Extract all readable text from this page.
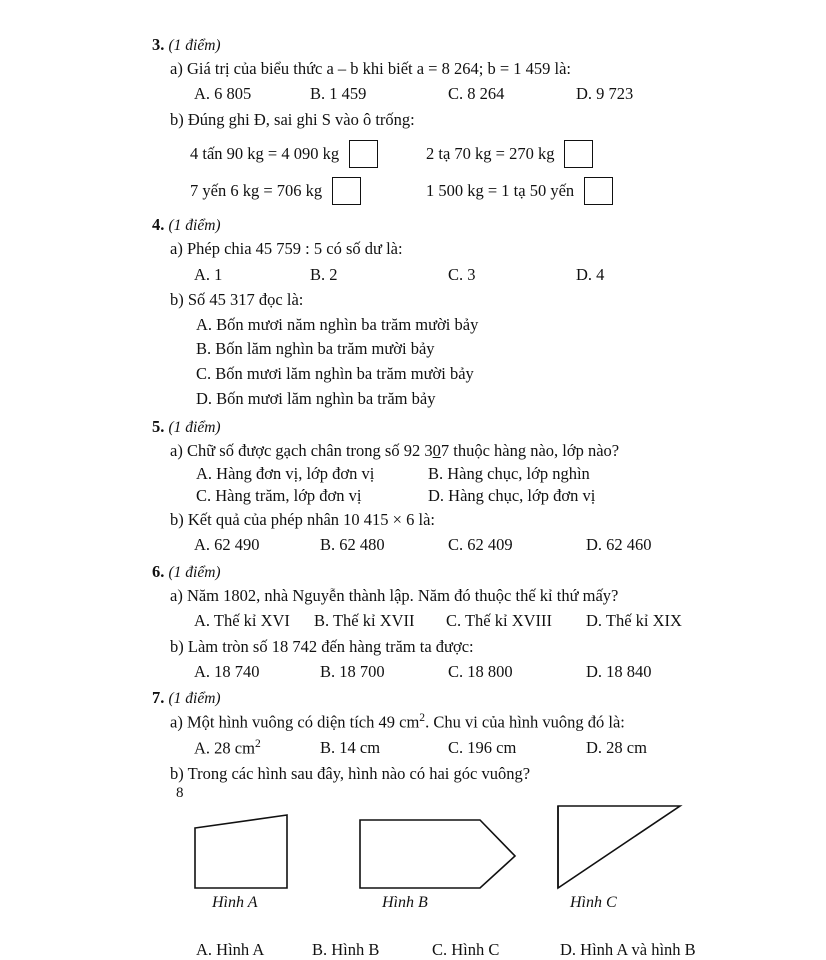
3. (1 điểm)
a) Giá trị của biểu thức a – b khi biết a = 8 264; b = 1 459 là:
A. 6 805	B. 1 459	C. 8 264	D. 9 723
b) Đúng ghi Đ, sai ghi S vào ô trống:
4 tấn 90 kg = 4 090 kg	2 tạ 70 kg = 270 kg
7 yến 6 kg = 706 kg	1 500 kg = 1 tạ 50 yến
4. (1 điểm)
a) Phép chia 45 759 : 5 có số dư là:
A. 1	B. 2	C. 3	D. 4
b) Số 45 317 đọc là:
A. Bốn mươi năm nghìn ba trăm mười bảy
B. Bốn lăm nghìn ba trăm mười bảy
C. Bốn mươi lăm nghìn ba trăm mười bảy
D. Bốn mươi lăm nghìn ba trăm bảy
5. (1 điểm)
a) Chữ số được gạch chân trong số 92 307 thuộc hàng nào, lớp nào?
A. Hàng đơn vị, lớp đơn vị	B. Hàng chục, lớp nghìn
C. Hàng trăm, lớp đơn vị	D. Hàng chục, lớp đơn vị
b) Kết quả của phép nhân 10 415 × 6 là:
A. 62 490	B. 62 480	C. 62 409	D. 62 460
6. (1 điểm)
a) Năm 1802, nhà Nguyễn thành lập. Năm đó thuộc thế kỉ thứ mấy?
A. Thế kỉ XVI	B. Thế kỉ XVII	C. Thế kỉ XVIII	D. Thế kỉ XIX
b) Làm tròn số 18 742 đến hàng trăm ta được:
A. 18 740	B. 18 700	C. 18 800	D. 18 840
7. (1 điểm)
a) Một hình vuông có diện tích 49 $cm^2$. Chu vi của hình vuông đó là:
A. 28 $cm^2$	B. 14 cm	C. 196 cm	D. 28 cm
b) Trong các hình sau đây, hình nào có hai góc vuông?
Hình A	Hình B	Hình C
A. Hình A	B. Hình B	C. Hình C	D. Hình A và hình B
8
